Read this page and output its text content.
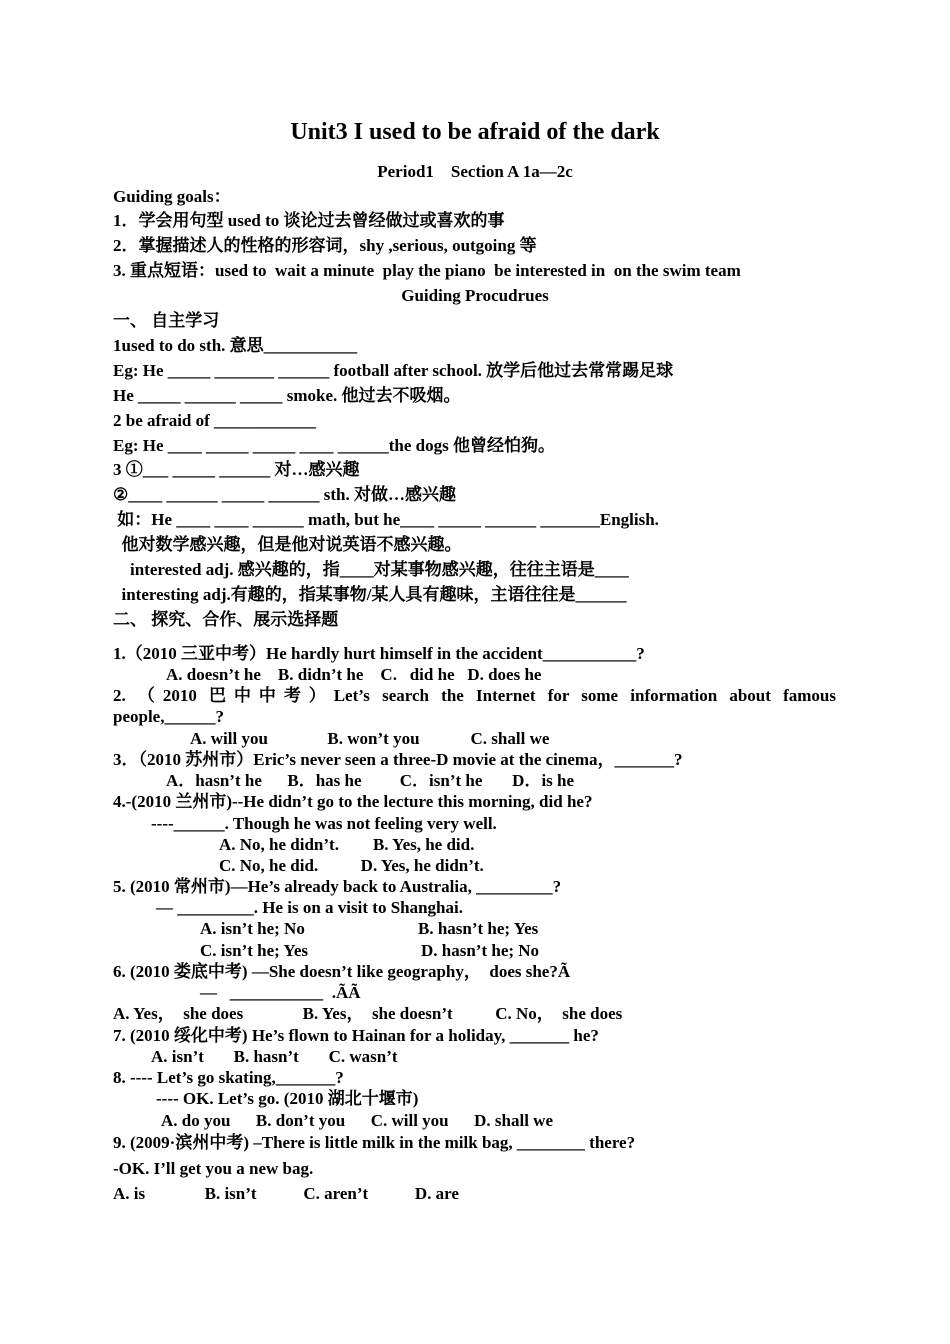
Unit3 I used to be afraid of the dark
Period1    Section A 1a—2c
Guiding goals：
1．学会用句型 used to 谈论过去曾经做过或喜欢的事
2．掌握描述人的性格的形容词，shy ,serious, outgoing 等
3. 重点短语：used to  wait a minute  play the piano  be interested in  on the swim team
Guiding Procudrues
一、 自主学习
1used to do sth. 意思___________
Eg: He _____ _______ ______ football after school. 放学后他过去常常踢足球
He _____ ______ _____ smoke. 他过去不吸烟。
2 be afraid of ____________
Eg: He ____ _____ _____ ____ ______the dogs 他曾经怕狗。
3 ①___ _____ ______ 对…感兴趣
②____ ______ _____ ______ sth. 对做…感兴趣
如：He ____ ____ ______ math, but he____ _____ ______ _______English.
他对数学感兴趣，但是他对说英语不感兴趣。
interested adj. 感兴趣的，指____对某事物感兴趣，往往主语是____
interesting adj.有趣的，指某事物/某人具有趣味，主语往往是______
二、 探究、合作、展示选择题
1.（2010 三亚中考）He hardly hurt himself in the accident___________?
A. doesn’t he    B. didn’t he    C.   did he   D. does he
2. （2010 巴中中考）Let’s search the Internet for some information about famous
people,______?
A. will you              B. won’t you            C. shall we
3．（2010 苏州市）Eric’s never seen a three-D movie at the cinema，_______?
A．hasn’t he      B．has he         C．isn’t he       D．is he
4.-(2010 兰州市)--He didn’t go to the lecture this morning, did he?
----______. Though he was not feeling very well.
A. No, he didn’t.        B. Yes, he did.
C. No, he did.          D. Yes, he didn’t.
5. (2010 常州市)—He’s already back to Australia, _________?
— _________. He is on a visit to Shanghai.
A. isn’t he; No	B. hasn’t he; Yes
C. isn’t he; Yes	D. hasn’t he; No
6. (2010 娄底中考) —She doesn’t like geography，  does she?Ã
—   ___________  .ÃÃ
A. Yes，  she does              B. Yes，  she doesn’t          C. No，  she does
7. (2010 绥化中考) He’s flown to Hainan for a holiday, _______ he?
A. isn’t       B. hasn’t       C. wasn’t
8. ---- Let’s go skating,_______?
---- OK. Let’s go. (2010 湖北十堰市)
A. do you      B. don’t you      C. will you      D. shall we
9. (2009·滨州中考) –There is little milk in the milk bag, ________ there?
-OK. I’ll get you a new bag.
A. is              B. isn’t           C. aren’t           D. are
